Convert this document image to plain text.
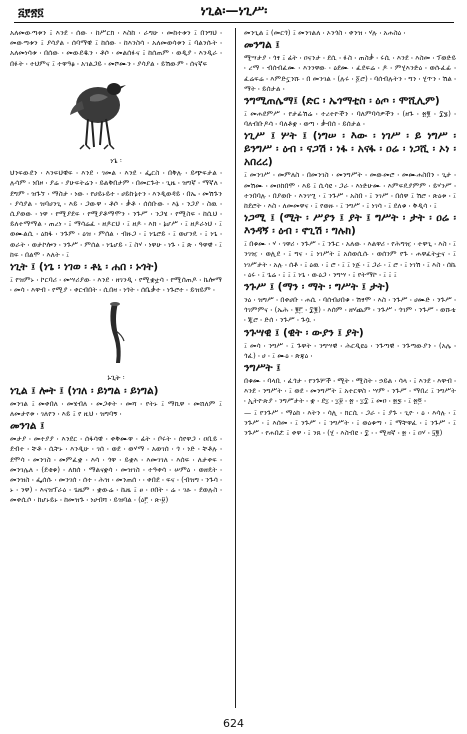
፭፻፳፬	ነጊል፡—ነጊሥ፡

አለመውጣቱን ፤ እንደ ፡ ሰው ፡ ከሥርክ ፡ እስከ ፡ ራግሁ ፡ መከተቱን ፤ በንግህ ፡ መውጣቱን ፤ ያሳያል ፡ ሰባማዊ ፤ ከሰው ፡ ከእንስሳ ፡ አለመወሳቱን ፤ ባልንሱት ፡ አለመነሳቱ ፡ በሰው ፡ መውደዱን ፡ ቶሶ ፡ መልሰፉና ፤ ከሰጠም ፡ ወዲያ ፡ እንዲራ ፡ በፉት ፡ ተህምና ፤ ተዋዓፅ ፡ አገልጋይ ፡ መሾሙን ፡ ያሳያል ፡ ይሽውም ፡ ሰናኛፍ

ነጌ ፡

ህንፍውደን ፡ እንፍህዊፍ ፡ እንደ ፡ ገመል ፡ እንደ ፡ ፌርስ ፡ በቅሉ ፡ ይጭፍታል ፡ ሉሳም ፡ ነበዞ ፡ ያሬ ፡ ያሁፍትሬን ፡ ይልቅበታም ፡ በመርጉት ፡ ጊዜ ፡ ዝግኛ ፡ ማኛለ ፡ ደግም ፡ ዝጉኘ ፡ ማስታ ፡ ነው ፡ የሀይኑይተ ፡ ሀይኩኔተን ፡ እንዲወዳይ ፡ በኤ ፡ መሽጉን ፡ ያሳያል ፡ ዝባሀንጊ ፡ እይ ፡ ጋውዋ ፡ ቶሶ ፡ ቃቶ ፡ ሰሰቡው ፡ እኔ ፡ ንጋያ ፡ ስዉ ፡ ሲያወው ፡ ነዋ ፡ የሚያደፍ ፡ የሚያቶማሞን ፡ ንጉሥ ፡ ንጋሄ ፡ የሚስፍ ፡ ከሲህ ፡ ይለተማማል ፡ ጠረነ ፡ ፤ ማሳሬፈ ፡ ዘዶርህ ፡ ፤ ዘዶ ፡ እክ ፡ ኔሆሥ ፡ ፤ ዘዶራነህ ፡ ፤ ወሙልሲ ፡ ዕክፋ ፡ ንጉም ፡ ዕዝ ፡ ምሰል ፡ ብዙጋ ፡ ፤ ነጌሮይ ፡ ፤ ወሆንዴ ፡ ፤ ነጌ ፡ ወራት ፡ ወታኮሎን ፡ ንጉሥ ፡ ምሰል ፡ ነጌሆይ ፡ ፤ ስሃ ፡ ነዋሁ ፡ ነጉ ፡ ፤ ጽ ፡ ዓዋዊ ፡ ፤ ከፍ ፡ በልሞ ፡ እለት ፡ ፤

ነጊት ፤ (ነጌ ፡ ነገወ ፡ ቶኒ ፡ ሐበ ፡ ኑጎት)

፤ የዝምኑ ፡ ኮርባሪ ፡ መሣሪያው ፡ እንደ ፡ ዘገንዲ ፡ የሚቋቷሳ ፡ የሚሰጠዶ ፡ ኬሎማ ፡ መሳ ፡ እዋብ ፡ የሚያ ፡ ቀርብበት ፡ ሲበዛ ፡ ነጎት ፡ ሰቤቃተ ፡ ነጉሮተ ፡ ይዝይም ፡

ኑጊት ፡

ነጊል ፤ ሎት ፤ (ነገለ ፡ ይነግል ፡ ይነግል)

መንገል ፤ መቀበለ ፡ መሄብለ ፡ መጋቀት ፡ መሻ ፡ የትኑ ፤ ማኪዋ ፡ መሸለም ፤ ለመታየቱ ፡ ገለየን ፡ እይ ፤ የ ዚህ ፡ ዝግባኝ ፡

መንገል ፤

መታያ ፡ መተያያ ፡ እንደር ፡ ሰፋሳዊ ፡ ቀቅሙዋ ፡ ፊት ፡ ቦሩት ፡ ሰየዋጋ ፡ ዐቢይ ፡ ደብተ ፡ ቸቶ ፡ ሲቸኑ ፡ እንዲሁ ፡ ገሰ ፡ ወደ ፡ ወሃማ ፡ አወገሰ ፡ ጎ ፡ ነድ ፡ ቸቶሉ ፡ ደሞሳ ፡ መንገስ ፡ መምፈቋ ፡ እሳ ፡ ጎዋ ፡ ይቋእ ፡ እመገገለ ፡ እሰፍ ፡ ለታቀፍ ፡ መንገሌለ ፡ (ደቂቁ) ፡ ለክሰ ፡ ማልናቋሳ ፡ መዝገስ ፡ ተዓቀሳ ፡ ሠምዕ ፡ ወዘዴት ፡ መንዝስ ፡ ፌሰሱ ፡ መንገሰ ፡ ሰተ ፡ ሕዝ ፡ መንጠሰ ፡ ፡ ቀበደ ፡ ፍና ፡ (ብዝግ ፡ ንጉሳ ፡ ኑ ፡ ንዋ) ፡ እናዝፕራዕ ፡ ጌዜም ፡ ቋውሬ ፡ ኬዜ ፤ ፀ ፡ ዐበት ፡ ሬ ፡ ገፁ ፡ ደወሉስ ፡ መቀሲሶ ፡ ከሆኑይኑ ፡ ከመዝጉ ፡ ነሀብሻ ፡ ይዝባል ፡ (ዕ፫ ፡ ጵ፡፱)

መንጊል ፤ (መርጎ) ፤ መንገልለ ፡ ኦንጎስ ፡ ቀንዝ ፡ ሃሉ ፡ አሐስዕ ፡

መንግል ፤

ሚሣታያ ፡ ጎፃ ፤ ፊት ፡ ዐናንታ ፡ ደሲ ፡ ፉስ ፡ ጠስቃ ፡ ሩሲ ፡ እንደ ፡ እስመ ፡ ፕወድይ ፡ ረማ ፡ ብሰብፈሙ ፡ እንንዋው ፡ ዕደሙ ፡ ፈደፍሬ ፡ ዶ ፡ ምሂእንድዕ ፡ ወሱፈፊ ፡ ፈሬፍሬ ፡ እምድኗንሹ ፡ በ መንገል ፡ (ሉሩ ፡ ፩ሮ) ፡ ባሰብሉትን ፡ ግን ፡ ሂጥን ፡ ሽል ፡ ማት ፡ ይሰታል ፡

ንግሚጠሌማ፤ (ድር ፡ ኤጎማቲስ ፡ ዕጦ ፡ ሞሺሊም)

፤ መሐደምሥ ፡ የታፊሽሬ ፡ ተረተዮችን ፡ ባለምባሳዎችን ፡ (ዘጉ ፡ ፳፪ ፡ ፰፮) ፡ ባለብቡዶሳ ፡ ባለቶቋ ፡ ወጣ ፡ ቃብሰ ፡ ይሰታል ፡

ነጊሥ ፤ ሦት ፤ (ነግሠ ፡ እው ፡ ነገሥ ፡ ይ ነግሥ ፡ ይንግሥ ፡ ዕብ ፡ ናጋሽ ፡ ነፋ ፡ አናፋ ፡ ዐሬ ፡ ነጋሺ ፡ ኦነ ፡ አበረረ)

፤ መንገሥ ፡ መምለስ ፡ በመንገስ ፡ መንግሥት ፡ መውመሮ ፡ መሙሐስበን ፡ ጊታ ፡ መሽሙ ፡ መዐከበሞ ፡ እይ ፤ ሲሳዩ ፡ ጋራ ፡ እነድሁሙ ፡ እምፍዴያምም ፡ ይሃንሥ ፡ ተንበባሉ ፡ በያወቡ ፡ እንገሢ ፡ ፤ ንጉሥ ፡ አስበ ፡ ፤ ንገሥ ፡ በሰዋ ፤ ሽሮ ፡ ጽዕቱ ፡ ፤ ከደሮት ፡ እስ ፡ ለመመዋና ፡ ፤ የወዙ ፡ ፤ ንግሥ ፡ ፤ ነገሳ ፡ ፤ ደለቁ ፡ ቅዲሳ ፡ ፤

ነጋሚ ፤ (ሚት ፡ ሥያን ፤ ያት ፤ ግሥት ፡ ታት ፡ ዐሬ ፡ እንዳኝ ፡ ዕብ ፡ ኖጊሽ ፡ ግሉክ)

፤ በቁሙ ፡ ሃ ፡ ገዋሪ ፡ ንጉሥ ፡ ፤ ንጉር ፡ አለው ፡ እልዋሪ ፡ የሕግዢ ፡ ተዋጊ ፡ እስ ፡ ፤ ንገዢ ፡ ወሊደ ፡ ፤ ግና ፡ ፤ ነገሥት ፤ አሰወሲሱ ፡ ወሰንም የጉ ፡ ሐዋፈትቷና ፡ ፤ ነገሥታት ፡ አሉ ፡ ሰቶ ፡ ፤ ዕዉ ፡ ፤ ሮ ፡ ፤ ፤ ነጅ ፡ ፤ ጋራ ፡ ፤ ሮ ፡ ፤ ነገሽ ፡ ፤ እስ ፡ ሰኬ ፡ ዕሩ ፡ ፤ ጌሬ ፡ ፤ ፤ ፤ ነጌ ፡ ውዕጋ ፡ ንግሣ ፡ ፤ የትማኮ ፡ ፤ ፤ ፤

ንጉሥ ፤ (ማን ፡ ማት ፡ ግሥት ፤ ታት)

ንዕ ፡ ዝግሥ ፡ በቀሀቡ ፡ ሐሲ ፡ ባሰብሀበቁ ፡ ሽፃሞ ፡ እስ ፡ ንጉሥ ፡ ሀሙድ ፡ ንጉሥ ፡ ጎገምምና ፡ (ኤሕ ፡ ፪፫ ፡ ፰፪) ፡ እሰም ፡ ዘሃጨም ፡ ንጉሥ ፡ ጎገም ፡ ንጉሥ ፡ ወሹቴ ፡ ጂሮ ፡ ድሰ ፡ ንጉሥ ፡ ጉሷ ፡

ንጉሣዊ ፤ (ዊት ፡ ውያን ፤ ያት)

፤ መሳ ፡ ንግሥ ፡ ፤ ጉዋት ፡ ንግሣዊ ፡ ሕርዲዩዕ ፡ ንጉጣዊ ፡ ንጉጣውያን ፡ (አሌ ፡ ጎፈ) ፡ ሀ ፡ ፤ ሙዕ ፡ ጽጃዕ ፡

ንግሥት ፤

በቁሙ ፡ ባላቢ ፡ ፈጎታ ፡ የንጉሦች ፡ ሚት ፡ ሚስት ፡ ኃይል ፡ ሳላ ፡ ፤ እንደ ፡ እዋብ ፡ እንደ ፡ ንግሥት ፡ ፤ ወደ ፡ መንግሥት ፤ አተርዋስ ፡ ሣም ፡ ንጉሥ ፡ ማበረ ፤ ንግሥት ፡ ኢትዮጵያ ፡ ንግሥታት ፡ ቋ ፡ ደ፲ ፡ ፲፱ ፡ ፳ ፡ ፲፰ ፤ መዐ ፡ ፳፯ ፡ ፤ ፳፬ ፡

— ፤ የንጉሥ ፡ ማዕከ ፡ እትን ፡ ሳሊ ፡ ክርሲ ፡ ጋራ ፡ ፤ ያጉ ፡ ጊዮ ፡ ዕ ፡ እሳሉ ፡ ፤ ንጉሥ ፡ ፤ እሰመ ፡ ፤ ንጉሥ ፡ ፤ ንግሥት ፡ ፤ ወዕቁጣ ፡ ፤ ማቸዋፈ ፡ ፤ ንጉሥ ፡ ፤ ንጉሥ ፡ የሐበሯ ፤ ቀዋ ፡ ፤ ንጸ ፡ (ሂ ፡ እስብዩ ፡ ፰ ፡ ፡ ሚዛኛ ፡ ፳ ፡ ፤ ዐሃ ፡ ፶፪)

624
